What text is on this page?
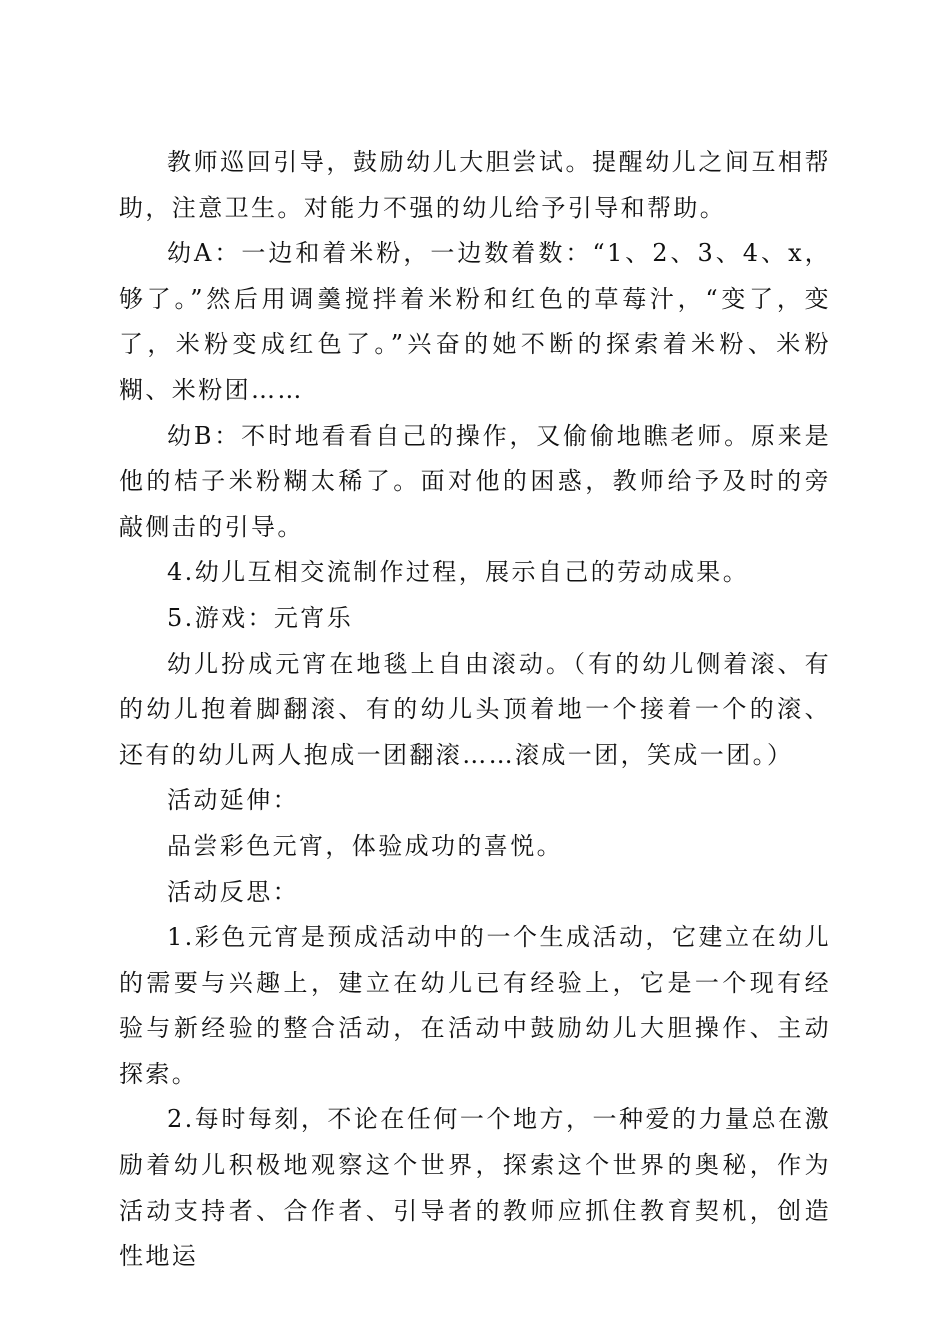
教师巡回引导，鼓励幼儿大胆尝试。提醒幼儿之间互相帮助，注意卫生。对能力不强的幼儿给予引导和帮助。

幼A：一边和着米粉，一边数着数：“1、2、3、4、x，够了。”然后用调羹搅拌着米粉和红色的草莓汁，“变了，变了，米粉变成红色了。”兴奋的她不断的探索着米粉、米粉糊、米粉团……

幼B：不时地看看自己的操作，又偷偷地瞧老师。原来是他的桔子米粉糊太稀了。面对他的困惑，教师给予及时的旁敲侧击的引导。

4.幼儿互相交流制作过程，展示自己的劳动成果。

5.游戏：元宵乐

幼儿扮成元宵在地毯上自由滚动。（有的幼儿侧着滚、有的幼儿抱着脚翻滚、有的幼儿头顶着地一个接着一个的滚、还有的幼儿两人抱成一团翻滚……滚成一团，笑成一团。）

活动延伸：

品尝彩色元宵，体验成功的喜悦。

活动反思：

1.彩色元宵是预成活动中的一个生成活动，它建立在幼儿的需要与兴趣上，建立在幼儿已有经验上，它是一个现有经验与新经验的整合活动，在活动中鼓励幼儿大胆操作、主动探索。

2.每时每刻，不论在任何一个地方，一种爱的力量总在激励着幼儿积极地观察这个世界，探索这个世界的奥秘，作为活动支持者、合作者、引导者的教师应抓住教育契机，创造性地运
